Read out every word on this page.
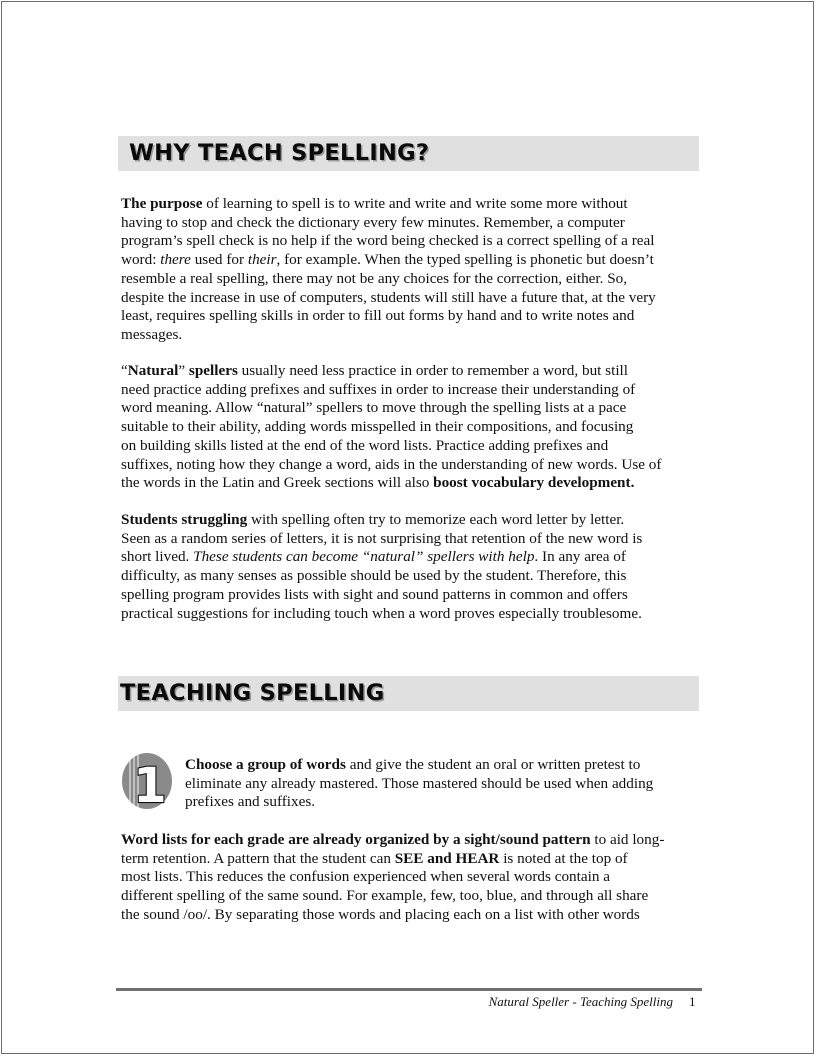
WHY TEACH SPELLING?

The purpose of learning to spell is to write and write and write some more without
having to stop and check the dictionary every few minutes. Remember, a computer
program’s spell check is no help if the word being checked is a correct spelling of a real
word: there used for their, for example. When the typed spelling is phonetic but doesn’t
resemble a real spelling, there may not be any choices for the correction, either. So,
despite the increase in use of computers, students will still have a future that, at the very
least, requires spelling skills in order to fill out forms by hand and to write notes and
messages.

“Natural” spellers usually need less practice in order to remember a word, but still
need practice adding prefixes and suffixes in order to increase their understanding of
word meaning. Allow “natural” spellers to move through the spelling lists at a pace
suitable to their ability, adding words misspelled in their compositions, and focusing
on building skills listed at the end of the word lists. Practice adding prefixes and
suffixes, noting how they change a word, aids in the understanding of new words. Use of
the words in the Latin and Greek sections will also boost vocabulary development.

Students struggling with spelling often try to memorize each word letter by letter.
Seen as a random series of letters, it is not surprising that retention of the new word is
short lived. These students can become “natural” spellers with help. In any area of
difficulty, as many senses as possible should be used by the student. Therefore, this
spelling program provides lists with sight and sound patterns in common and offers
practical suggestions for including touch when a word proves especially troublesome.

TEACHING SPELLING
1 Choose a group of words and give the student an oral or written pretest to
eliminate any already mastered. Those mastered should be used when adding
prefixes and suffixes.

Word lists for each grade are already organized by a sight/sound pattern to aid long-
term retention. A pattern that the student can SEE and HEAR is noted at the top of
most lists. This reduces the confusion experienced when several words contain a
different spelling of the same sound. For example, few, too, blue, and through all share
the sound /oo/. By separating those words and placing each on a list with other words

Natural Speller - Teaching Spelling 1
